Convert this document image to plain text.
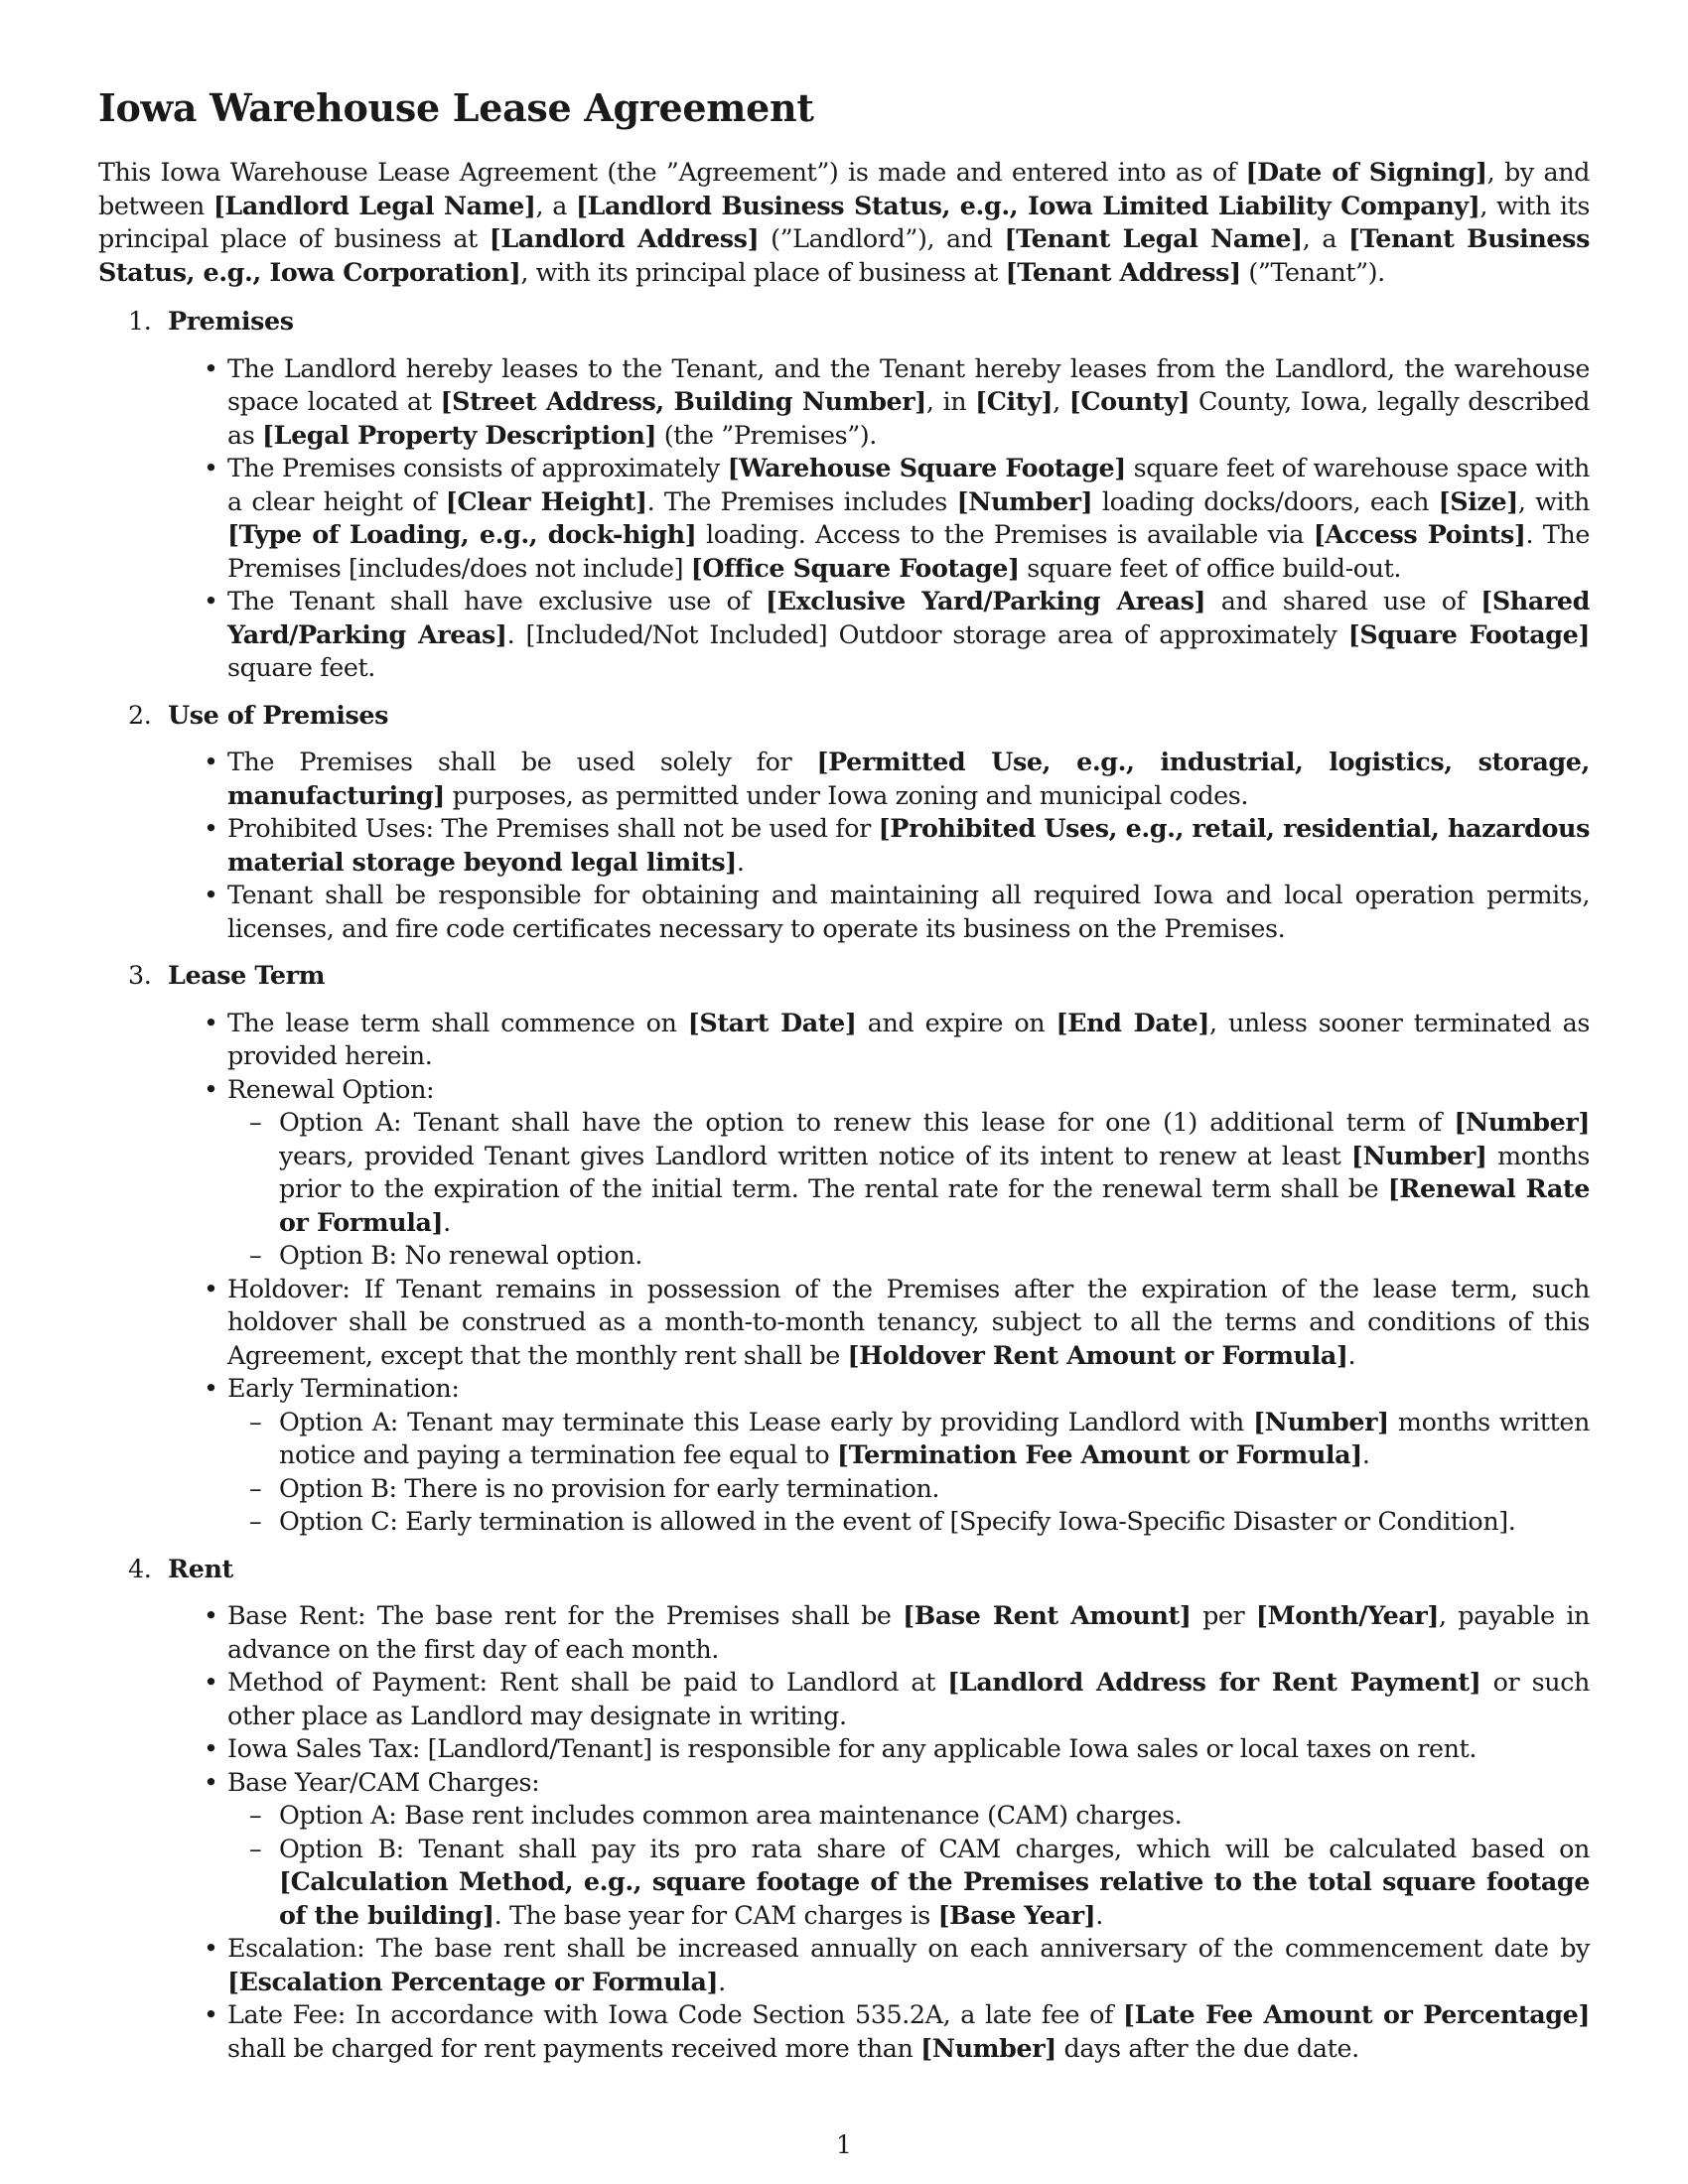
Iowa Warehouse Lease Agreement

This Iowa Warehouse Lease Agreement (the ”Agreement”) is made and entered into as of [Date of Signing], by and between [Landlord Legal Name], a [Landlord Business Status, e.g., Iowa Limited Liability Company], with its principal place of business at [Landlord Address] (”Landlord”), and [Tenant Legal Name], a [Tenant Business Status, e.g., Iowa Corporation], with its principal place of business at [Tenant Address] (”Tenant”).

1. Premises
• The Landlord hereby leases to the Tenant, and the Tenant hereby leases from the Landlord, the warehouse space located at [Street Address, Building Number], in [City], [County] County, Iowa, legally described as [Legal Property Description] (the ”Premises”).
• The Premises consists of approximately [Warehouse Square Footage] square feet of warehouse space with a clear height of [Clear Height]. The Premises includes [Number] loading docks/doors, each [Size], with [Type of Loading, e.g., dock-high] loading. Access to the Premises is available via [Access Points]. The Premises [includes/does not include] [Office Square Footage] square feet of office build-out.
• The Tenant shall have exclusive use of [Exclusive Yard/Parking Areas] and shared use of [Shared Yard/Parking Areas]. [Included/Not Included] Outdoor storage area of approximately [Square Footage] square feet.
2. Use of Premises
• The Premises shall be used solely for [Permitted Use, e.g., industrial, logistics, storage, manufacturing] purposes, as permitted under Iowa zoning and municipal codes.
• Prohibited Uses: The Premises shall not be used for [Prohibited Uses, e.g., retail, residential, hazardous material storage beyond legal limits].
• Tenant shall be responsible for obtaining and maintaining all required Iowa and local operation permits, licenses, and fire code certificates necessary to operate its business on the Premises.
3. Lease Term
• The lease term shall commence on [Start Date] and expire on [End Date], unless sooner terminated as provided herein.
• Renewal Option:
– Option A: Tenant shall have the option to renew this lease for one (1) additional term of [Number] years, provided Tenant gives Landlord written notice of its intent to renew at least [Number] months prior to the expiration of the initial term. The rental rate for the renewal term shall be [Renewal Rate or Formula].
– Option B: No renewal option.
• Holdover: If Tenant remains in possession of the Premises after the expiration of the lease term, such holdover shall be construed as a month-to-month tenancy, subject to all the terms and conditions of this Agreement, except that the monthly rent shall be [Holdover Rent Amount or Formula].
• Early Termination:
– Option A: Tenant may terminate this Lease early by providing Landlord with [Number] months written notice and paying a termination fee equal to [Termination Fee Amount or Formula].
– Option B: There is no provision for early termination.
– Option C: Early termination is allowed in the event of [Specify Iowa-Specific Disaster or Condition].
4. Rent
• Base Rent: The base rent for the Premises shall be [Base Rent Amount] per [Month/Year], payable in advance on the first day of each month.
• Method of Payment: Rent shall be paid to Landlord at [Landlord Address for Rent Payment] or such other place as Landlord may designate in writing.
• Iowa Sales Tax: [Landlord/Tenant] is responsible for any applicable Iowa sales or local taxes on rent.
• Base Year/CAM Charges:
– Option A: Base rent includes common area maintenance (CAM) charges.
– Option B: Tenant shall pay its pro rata share of CAM charges, which will be calculated based on [Calculation Method, e.g., square footage of the Premises relative to the total square footage of the building]. The base year for CAM charges is [Base Year].
• Escalation: The base rent shall be increased annually on each anniversary of the commencement date by [Escalation Percentage or Formula].
• Late Fee: In accordance with Iowa Code Section 535.2A, a late fee of [Late Fee Amount or Percentage] shall be charged for rent payments received more than [Number] days after the due date.
1
